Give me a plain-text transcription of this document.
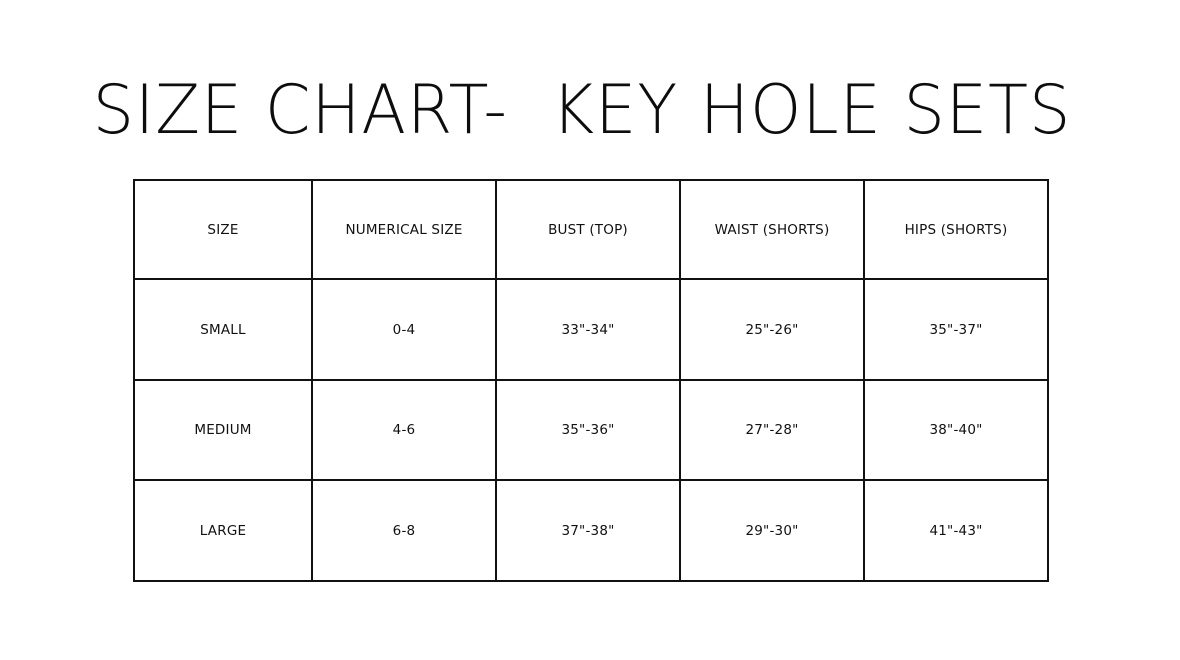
SIZE CHART-  KEY HOLE SETS
SIZE	NUMERICAL SIZE	BUST (TOP)	WAIST (SHORTS)	HIPS (SHORTS)
SMALL	0-4	33"-34"	25"-26"	35"-37"
MEDIUM	4-6	35"-36"	27"-28"	38"-40"
LARGE	6-8	37"-38"	29"-30"	41"-43"
